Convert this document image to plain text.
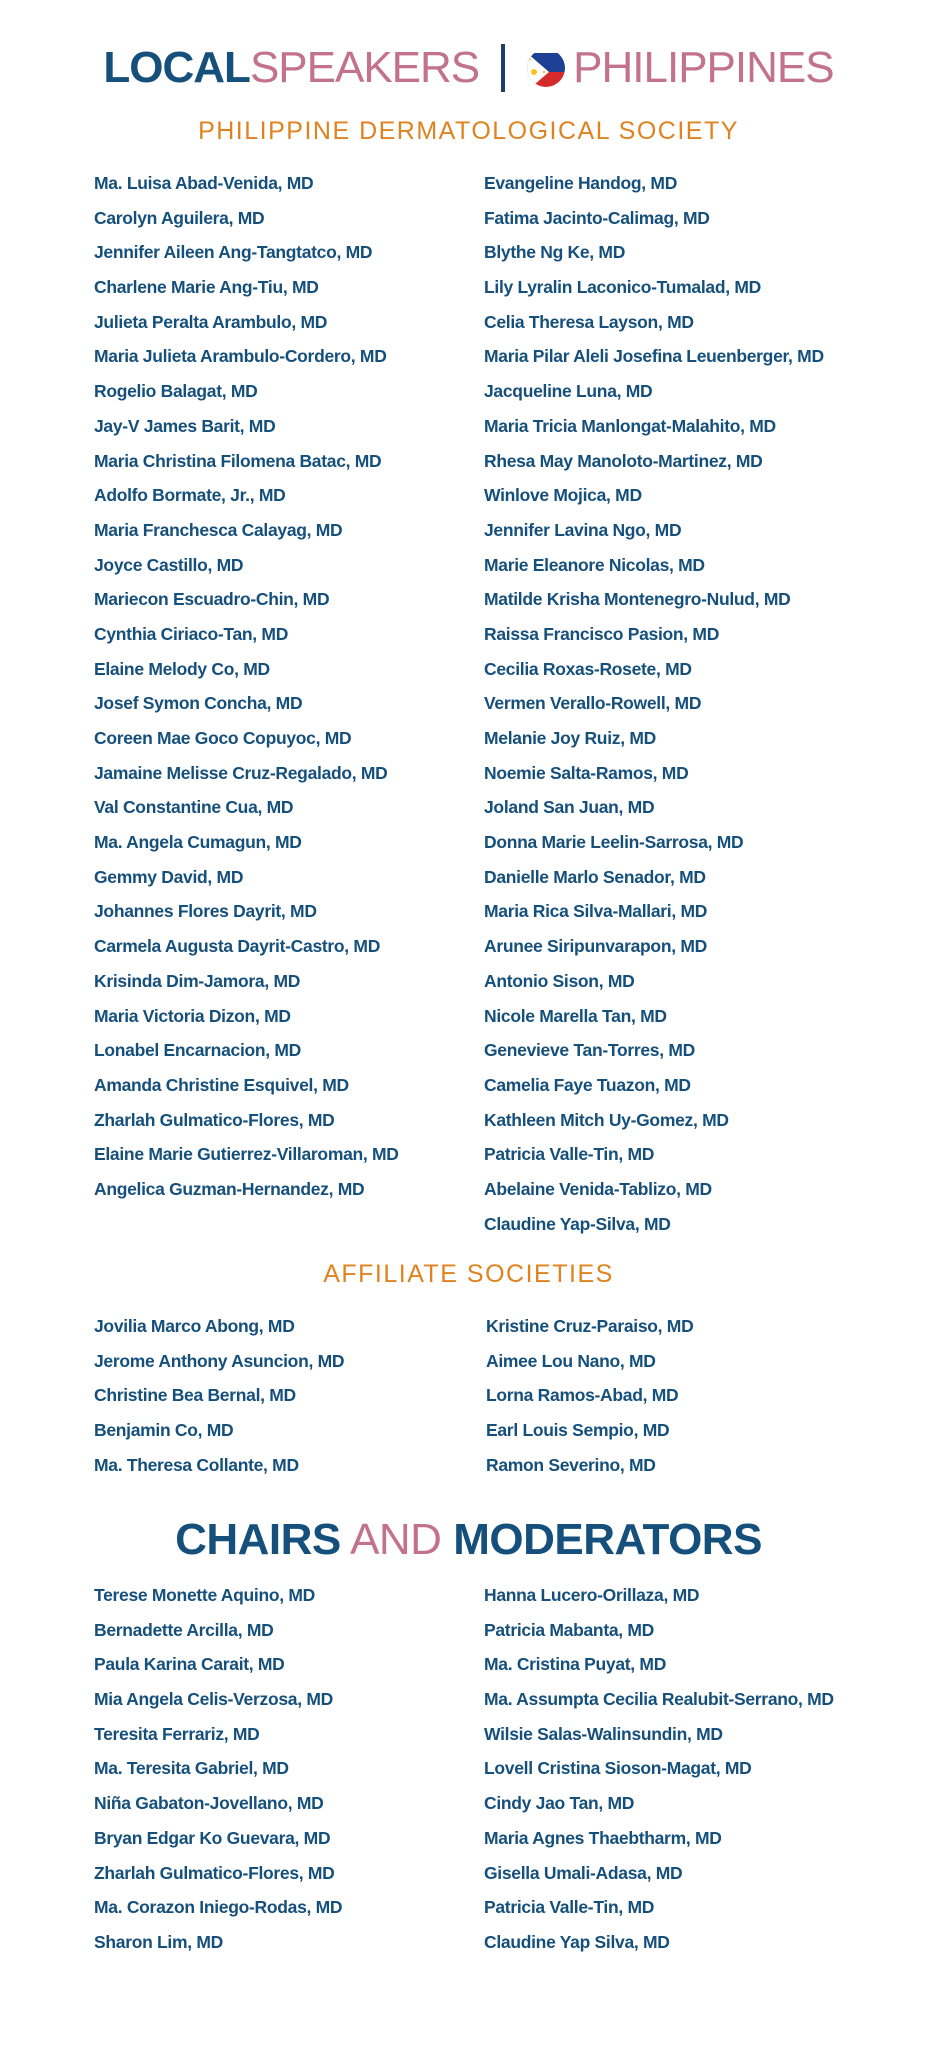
LOCAL SPEAKERS PHILIPPINES
PHILIPPINE DERMATOLOGICAL SOCIETY
Ma. Luisa Abad-Venida, MD
Carolyn Aguilera, MD
Jennifer Aileen Ang-Tangtatco, MD
Charlene Marie Ang-Tiu, MD
Julieta Peralta Arambulo, MD
Maria Julieta Arambulo-Cordero, MD
Rogelio Balagat, MD
Jay-V James Barit, MD
Maria Christina Filomena Batac, MD
Adolfo Bormate, Jr., MD
Maria Franchesca Calayag, MD
Joyce Castillo, MD
Mariecon Escuadro-Chin, MD
Cynthia Ciriaco-Tan, MD
Elaine Melody Co, MD
Josef Symon Concha, MD
Coreen Mae Goco Copuyoc, MD
Jamaine Melisse Cruz-Regalado, MD
Val Constantine Cua, MD
Ma. Angela Cumagun, MD
Gemmy David, MD
Johannes Flores Dayrit, MD
Carmela Augusta Dayrit-Castro, MD
Krisinda Dim-Jamora, MD
Maria Victoria Dizon, MD
Lonabel Encarnacion, MD
Amanda Christine Esquivel, MD
Zharlah Gulmatico-Flores, MD
Elaine Marie Gutierrez-Villaroman, MD
Angelica Guzman-Hernandez, MD
Evangeline Handog, MD
Fatima Jacinto-Calimag, MD
Blythe Ng Ke, MD
Lily Lyralin Laconico-Tumalad, MD
Celia Theresa Layson, MD
Maria Pilar Aleli Josefina Leuenberger, MD
Jacqueline Luna, MD
Maria Tricia Manlongat-Malahito, MD
Rhesa May Manoloto-Martinez, MD
Winlove Mojica, MD
Jennifer Lavina Ngo, MD
Marie Eleanore Nicolas, MD
Matilde Krisha Montenegro-Nulud, MD
Raissa Francisco Pasion, MD
Cecilia Roxas-Rosete, MD
Vermen Verallo-Rowell, MD
Melanie Joy Ruiz, MD
Noemie Salta-Ramos, MD
Joland San Juan, MD
Donna Marie Leelin-Sarrosa, MD
Danielle Marlo Senador, MD
Maria Rica Silva-Mallari, MD
Arunee Siripunvarapon, MD
Antonio Sison, MD
Nicole Marella Tan, MD
Genevieve Tan-Torres, MD
Camelia Faye Tuazon, MD
Kathleen Mitch Uy-Gomez, MD
Patricia Valle-Tin, MD
Abelaine Venida-Tablizo, MD
Claudine Yap-Silva, MD
AFFILIATE SOCIETIES
Jovilia Marco Abong, MD
Jerome Anthony Asuncion, MD
Christine Bea Bernal, MD
Benjamin Co, MD
Ma. Theresa Collante, MD
Kristine Cruz-Paraiso, MD
Aimee Lou Nano, MD
Lorna Ramos-Abad, MD
Earl Louis Sempio, MD
Ramon Severino, MD
CHAIRS AND MODERATORS
Terese Monette Aquino, MD
Bernadette Arcilla, MD
Paula Karina Carait, MD
Mia Angela Celis-Verzosa, MD
Teresita Ferrariz, MD
Ma. Teresita Gabriel, MD
Niña Gabaton-Jovellano, MD
Bryan Edgar Ko Guevara, MD
Zharlah Gulmatico-Flores, MD
Ma. Corazon Iniego-Rodas, MD
Sharon Lim, MD
Hanna Lucero-Orillaza, MD
Patricia Mabanta, MD
Ma. Cristina Puyat, MD
Ma. Assumpta Cecilia Realubit-Serrano, MD
Wilsie Salas-Walinsundin, MD
Lovell Cristina Sioson-Magat, MD
Cindy Jao Tan, MD
Maria Agnes Thaebtharm, MD
Gisella Umali-Adasa, MD
Patricia Valle-Tin, MD
Claudine Yap Silva, MD
